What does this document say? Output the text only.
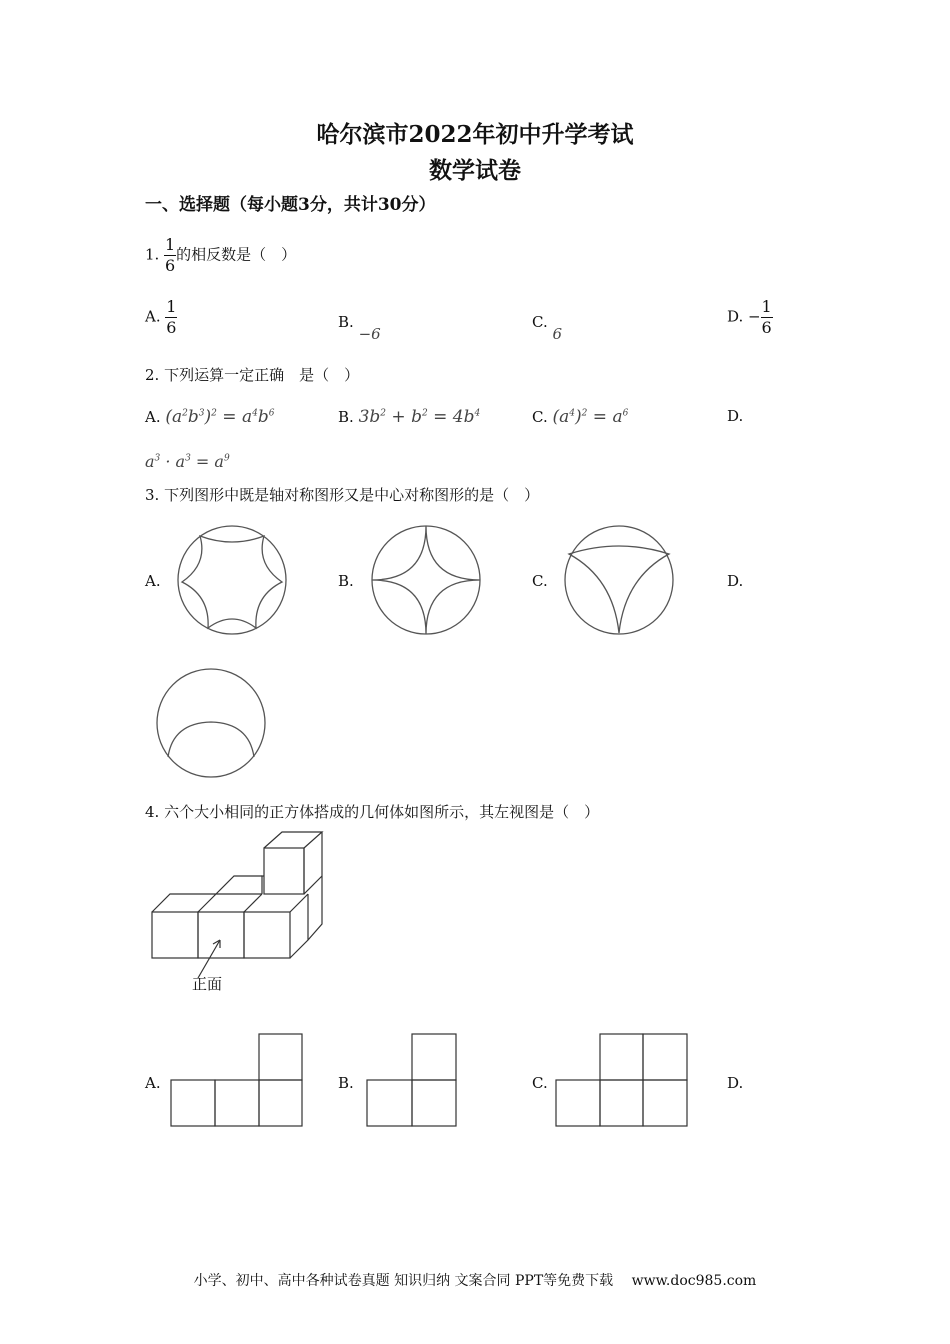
哈尔滨市2022年初中升学考试
数学试卷
一、选择题（每小题3分，共计30分）
1. $\frac{1}{6}$ 的相反数是（　）
A. $\frac{1}{6}$	B. −6
C. 6
D. − $\frac{1}{6}$
2. 下列运算一定正确　是（　）
A. $(a^2b^3)^2 = a^4b^6$	B. $3b^2 + b^2 = 4b^4$	C. $(a^4)^2 = a^6$	D.
$a^3 \cdot a^3 = a^9$
3. 下列图形中既是轴对称图形又是中心对称图形的是（　）
A.	B.	C.	D.
4. 六个大小相同的正方体搭成的几何体如图所示，其左视图是（　）
正面
A.	B.	C.	D.
小学、初中、高中各种试卷真题 知识归纳 文案合同 PPT等免费下载　 www.doc985.com
